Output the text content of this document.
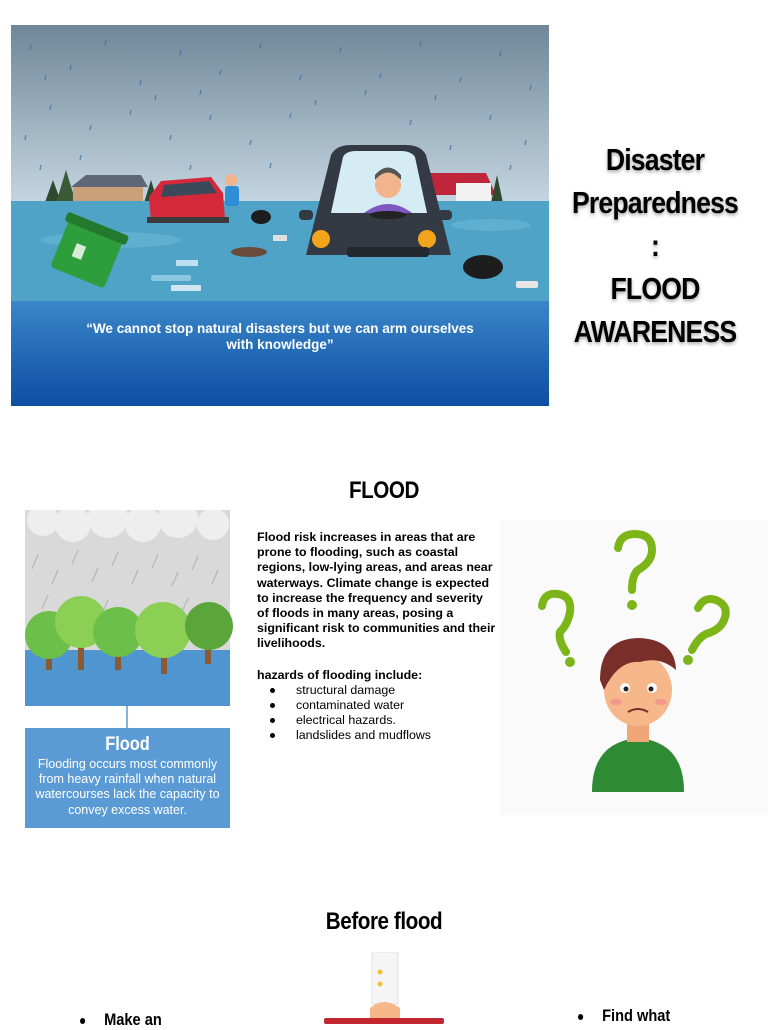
“We cannot stop natural disasters but we can arm ourselves with knowledge”
Disaster
Preparedness :
FLOOD
AWARENESS
FLOOD
Flood
Flooding occurs most commonly from heavy rainfall when natural watercourses lack the capacity to convey excess water.

Flood risk increases in areas that are prone to flooding, such as coastal regions, low-lying areas, and areas near waterways. Climate change is expected to increase the frequency and severity of floods in many areas, posing a significant risk to communities and their livelihoods.

hazards of flooding include:

structural damage
contaminated water
electrical hazards.
landslides and mudflows
Before flood
Make an	Find what
